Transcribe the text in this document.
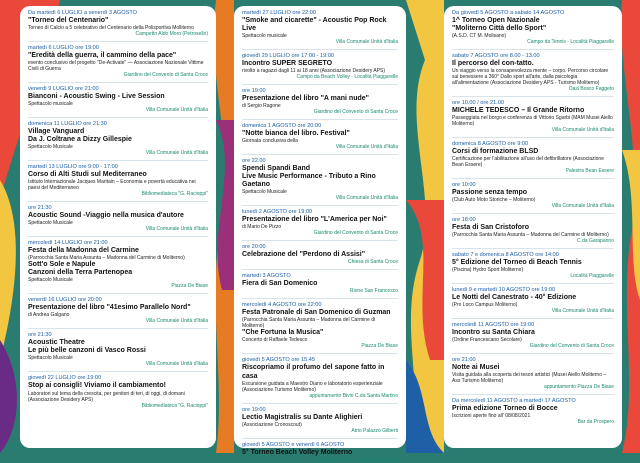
Da martedì 6 LUGLIO a venerdì 3 AGOSTO
"Torneo del Centenario"
Torneo di Calcio a 5 celebrativo del Centenario della Polisportiva Molliterno
Campetto Aldo Moro (Petrosello)
martedì 6 LUGLIO ore 19:00
"Eredità della guerra, il cammino della pace"
evento conclusivo del progetto "De-Activate" — Associazione Nazionale Vittime Civili di Guerra
Giardino del Convento di Santa Croce
venerdì 9 LUGLIO ore 21:00
Bianconi - Acoustic Swing - Live Session
Spettacolo musicale
Villa Comunale Unità d'Italia
domenica 11 LUGLIO ore 21:30
Village Vanguard
Da J. Coltrane a Dizzy Gillespie
Spettacolo Musicale
Villa Comunale Unità d'Italia
martedì 13 LUGLIO ore 9:00 - 17:00
Corso di Alti Studi sul Mediterraneo
Istituto Internazionale Jacques Maritain – Economia e povertà educativa nei paesi del Mediterraneo
Bibliomediateca "G. Racioppi"
ore 21:30
Acoustic Sound -Viaggio nella musica d'autore
Spettacolo Musicale
Villa Comunale Unità d'Italia
mercoledì 14 LUGLIO ore 21:00
Festa della Madonna del Carmine
(Parrocchia Santa Maria Assunta – Madonna del Carmine di Moliterno)
Sott'o Sole e Napule
Canzoni della Terra Partenopea
Spettacolo Musicale
Piazza De Biase
venerdì 16 LUGLIO ore 20:00
Presentazione del libro "41esimo Parallelo Nord"
di Andrea Galgano
Villa Comunale Unità d'Italia
ore 21:30
Acoustic Theatre
Le più belle canzoni di Vasco Rossi
Spettacolo Musicale
Villa Comunale Unità d'Italia
giovedì 22 LUGLIO ore 19:00
Stop ai consigli! Viviamo il cambiamento!
Laboratori sul tema della crescita, per genitori di teri, di oggi, di domani (Associazione Desidery APS)
Bibliomediateca "G. Racioppi"
martedì 27 LUGLIO ore 22:00
"Smoke and cicarette" - Acoustic Pop Rock Live
Spettacolo musicale
Villa Comunale Unità d'Italia
giovedì 29 LUGLIO ore 17:00 - 19:00
Incontro SUPER SEGRETO
rivolto a ragazzi dagli 11 ai 18 anni (Associazione Desidery APS)
Campo da Beach Volley - Località Piaggarelle
ore 19:00
Presentazione del libro "A mani nude"
di Sergio Ragone
Giardino del Convento di Santa Croce
domenica 1 AGOSTO ore 20:00
"Notte bianca del libro. Festival"
Giornata conclusiva della
Villa Comunale Unità d'Italia
ore 22.00
Spendi Spandi Band
Live Music Performance - Tributo a Rino Gaetano
Spettacolo Musicale
Villa Comunale Unità d'Italia
lunedì 2 AGOSTO ore 19:00
Presentazione del libro "L'America per Noi"
di Mario De Pizzo
Giardino del Convento di Santa Croce
ore 20:00
Celebrazione del "Perdono di Assisi"
Chiesa di Santa Croce
martedì 3 AGOSTO
Fiera di San Domenico
Rione San Francesco
mercoledì 4 AGOSTO ore 22:00
Festa Patronale di San Domenico di Guzman
(Parrocchia Santa Maria Assunta – Madonna del Carmine di Moliterno)
"Che Fortuna la Musica"
Concerto di Raffaele Tedesco
Piazza De Biase
giovedì 5 AGOSTO ore 15.45
Riscopriamo il profumo del sapone fatto in casa
Escursione guidata a Maestro Diano e laboratorio esperienziale (Associazione Turismo Moliterno)
appuntamento Bivio C.da Santa Martino
ore 19:00
Lectio Magistralis su Dante Alighieri
(Associazione Cronoscout)
Atrio Palazzo Gilberti
giovedì 5 AGOSTO e venerdì 6 AGOSTO
5° Torneo Beach Volley Moliterno
Centro sportivo - Località Piaggarelle
Da giovedì 5 AGOSTO a sabato 14 AGOSTO
1^ Torneo Open Nazionale
"Moliterno Città dello Sport"
(A.S.D. CT M. Molisano)
Campo da Tennis - Località Piaggarelle
sabato 7 AGOSTO ore 8.00 - 13.00
Il percorso del con-tatto.
Un viaggio verso la consapevolezza mente – corpo. Percorso circolare sul benessere a 360° Dallo sport all'arte, dalla psicologia all'alimentazione (Associazione Desidery APS - Turismo Moliterno)
Oasi Bosco Faggeto
ore 10.00 / ore 21.00
MICHELE TEDESCO – Il Grande Ritorno
Passeggiata nel borgo e conferenza di Vittorio Sgarbi (MAM Musei Aiello Moliterno)
Villa Comunale Unità d'Italia
domenica 8 AGOSTO ore 9:00
Corsi di formazione BLSD
Certificazione per l'abilitazione all'uso del defibrillatore (Associazione Bean Essere)
Palestra Bean Essere
ore 10:00
Passione senza tempo
(Club Auto Moto Storiche – Moliterno)
Villa Comunale Unità d'Italia
ore 18:00
Festa di San Cristoforo
(Parrocchia Santa Maria Assunta – Madonna del Carmine di Moliterno)
C.da Garapanno
sabato 7 e domenica 8 AGOSTO ore 14:00
5° Edizione del Torneo di Beach Tennis
(Piscina) Hydro Sport Moliterno)
Località Piaggarelle
lunedì 9 e martedì 10 AGOSTO ore 19:00
Le Notti del Canestrato - 40° Edizione
(Pro Loco Campus Moliterno)
Villa Comunale Unità d'Italia
mercoledì 11 AGOSTO ore 19:00
Incontro su Santa Chiara
(Ordine Francescano Secolare)
Giardino del Convento di Santa Croce
ore 21:00
Notte ai Musei
Visita guidata alla scoperta dei tesori artistici (Musei Aiello Moliterno – Ass Turismo Moliterno)
appuntamento Piazza De Biase
Da mercoledì 11 AGOSTO a martedì 17 AGOSTO
Prima edizione Torneo di Bocce
Iscrizioni aperte fino all' 08/08/2021
Bar da Prospero
